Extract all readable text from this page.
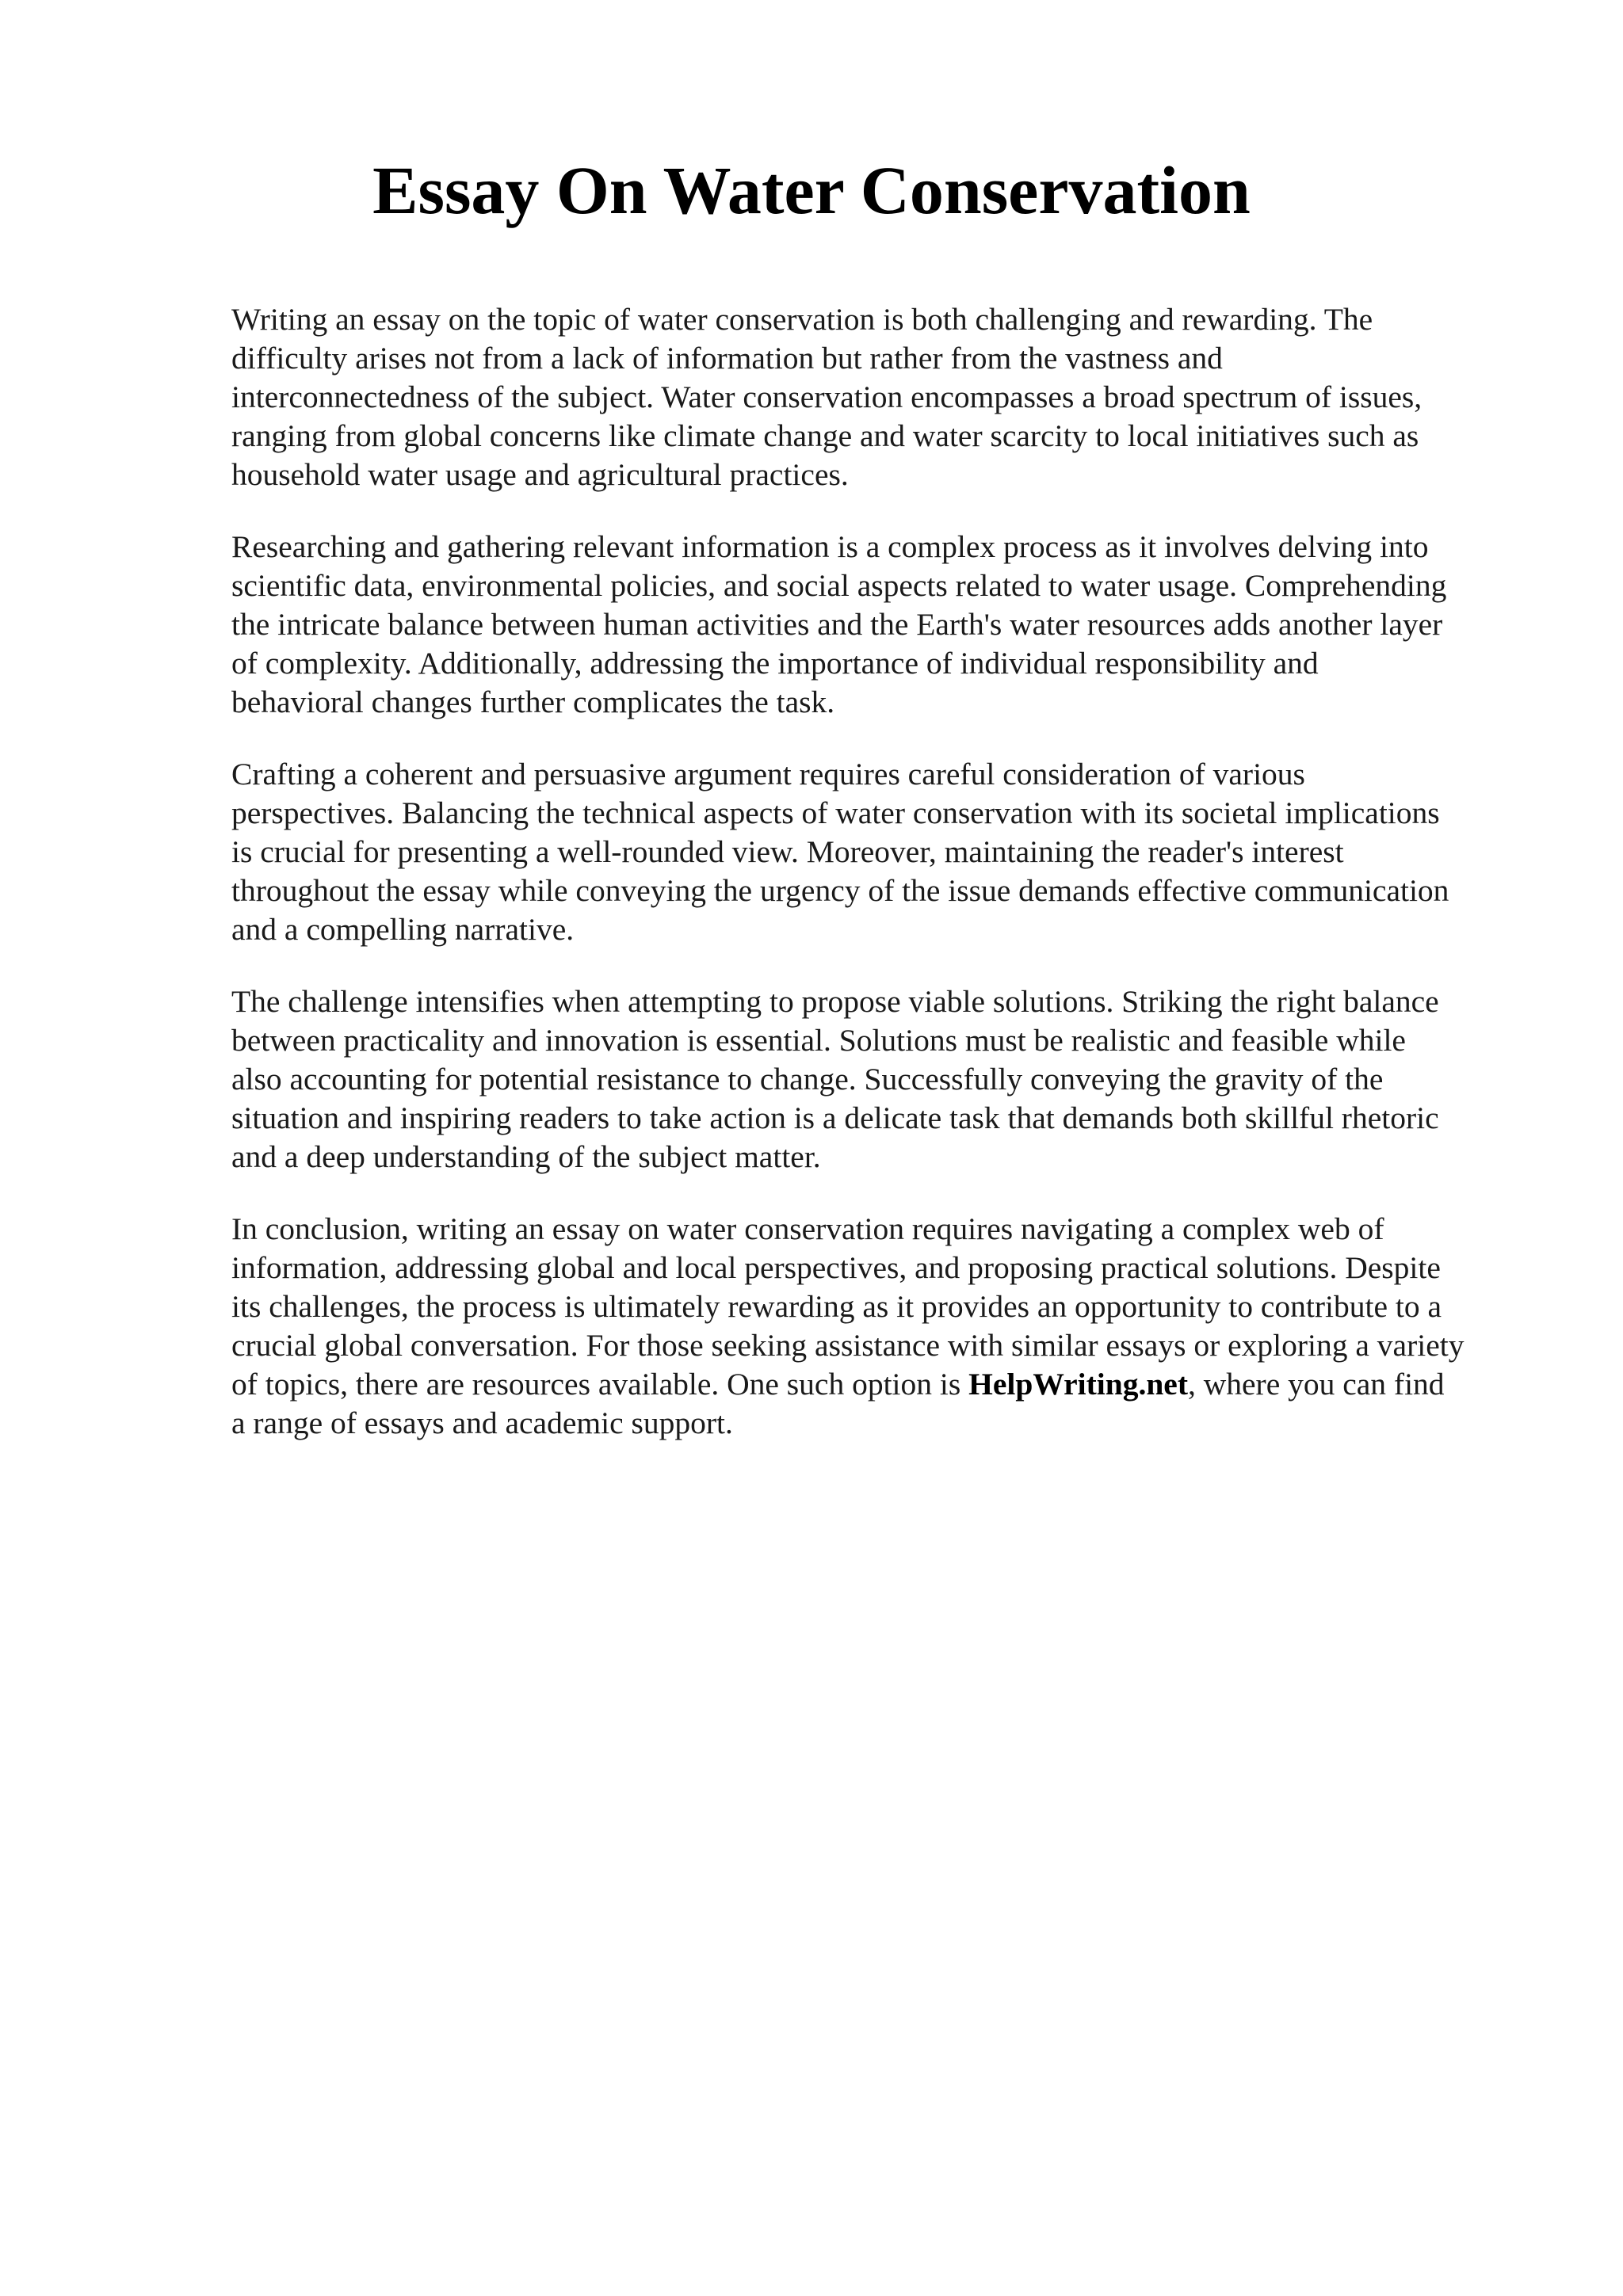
Essay On Water Conservation

Writing an essay on the topic of water conservation is both challenging and rewarding. The
difficulty arises not from a lack of information but rather from the vastness and
interconnectedness of the subject. Water conservation encompasses a broad spectrum of issues,
ranging from global concerns like climate change and water scarcity to local initiatives such as
household water usage and agricultural practices.

Researching and gathering relevant information is a complex process as it involves delving into
scientific data, environmental policies, and social aspects related to water usage. Comprehending
the intricate balance between human activities and the Earth's water resources adds another layer
of complexity. Additionally, addressing the importance of individual responsibility and
behavioral changes further complicates the task.

Crafting a coherent and persuasive argument requires careful consideration of various
perspectives. Balancing the technical aspects of water conservation with its societal implications
is crucial for presenting a well-rounded view. Moreover, maintaining the reader's interest
throughout the essay while conveying the urgency of the issue demands effective communication
and a compelling narrative.

The challenge intensifies when attempting to propose viable solutions. Striking the right balance
between practicality and innovation is essential. Solutions must be realistic and feasible while
also accounting for potential resistance to change. Successfully conveying the gravity of the
situation and inspiring readers to take action is a delicate task that demands both skillful rhetoric
and a deep understanding of the subject matter.

In conclusion, writing an essay on water conservation requires navigating a complex web of
information, addressing global and local perspectives, and proposing practical solutions. Despite
its challenges, the process is ultimately rewarding as it provides an opportunity to contribute to a
crucial global conversation. For those seeking assistance with similar essays or exploring a variety
of topics, there are resources available. One such option is HelpWriting.net, where you can find
a range of essays and academic support.
